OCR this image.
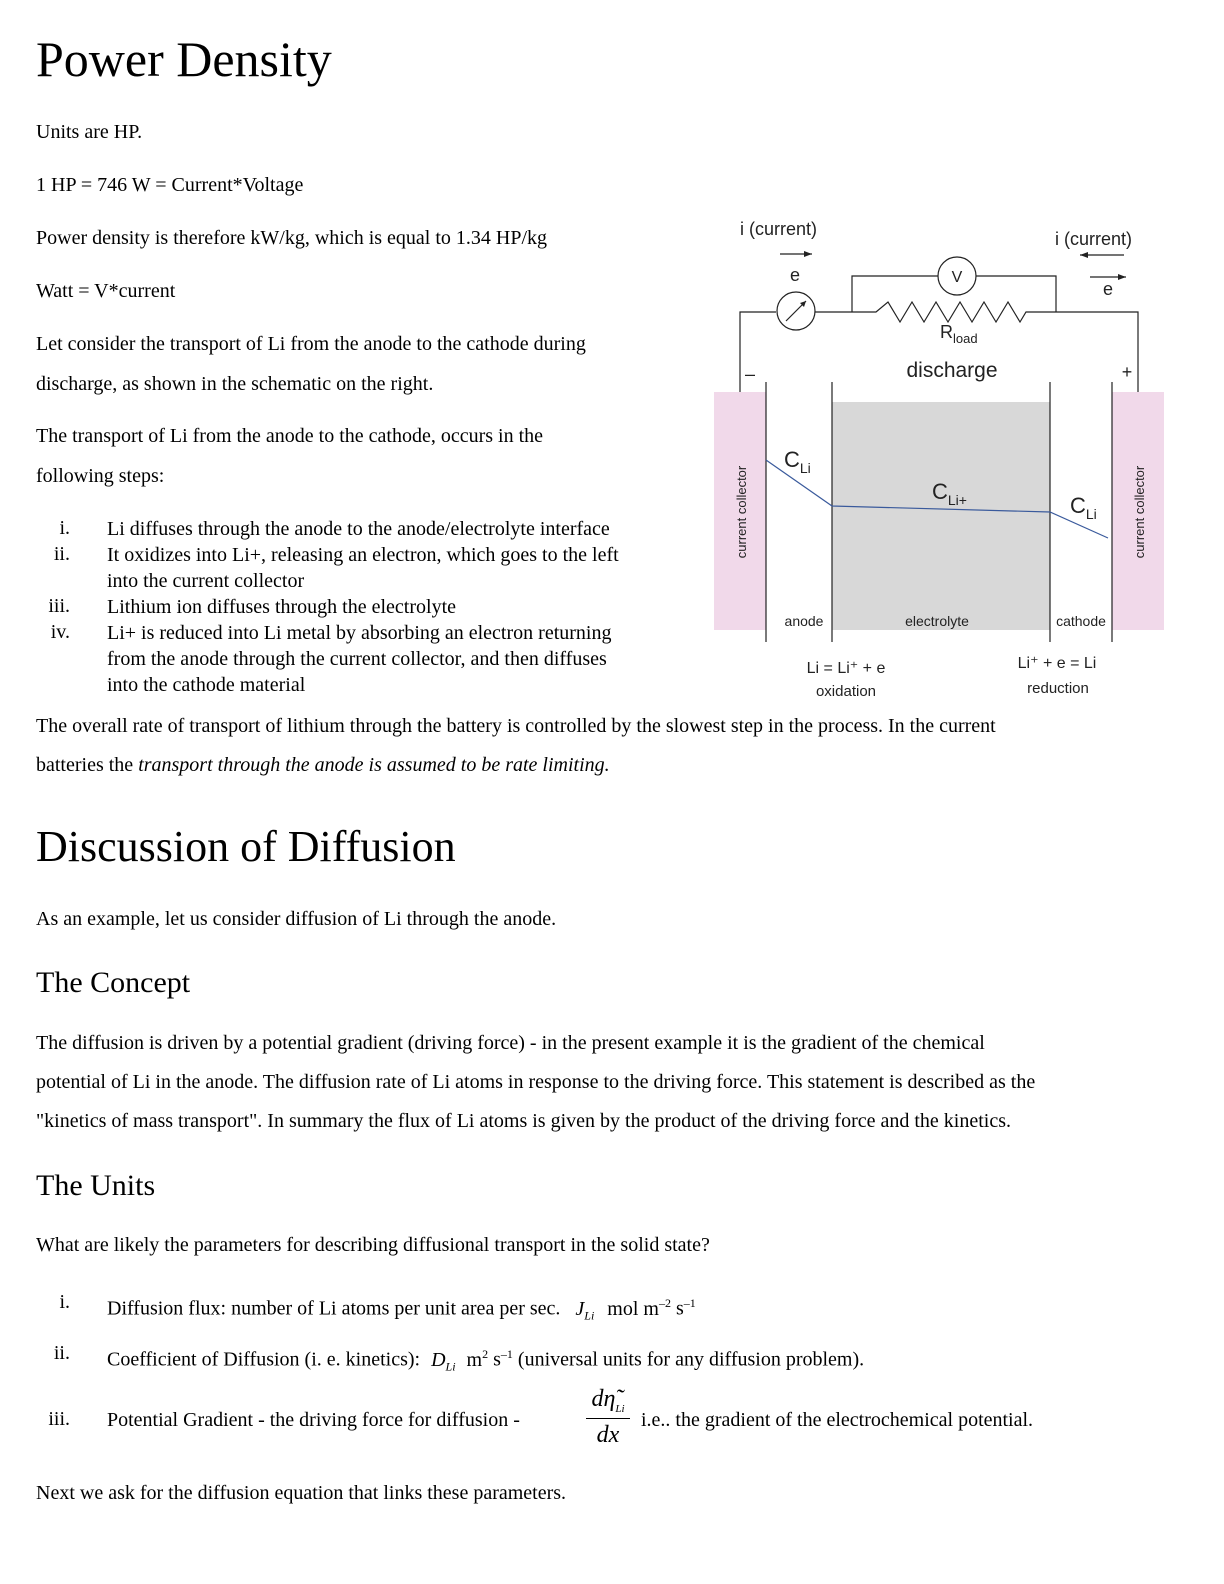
Power Density
Units are HP.
1 HP = 746 W = Current*Voltage
Power density is therefore kW/kg, which is equal to 1.34 HP/kg
Watt = V*current
Let consider the transport of Li from the anode to the cathode during
discharge, as shown in the schematic on the right.
The transport of Li from the anode to the cathode, occurs in the
following steps:
i. Li diffuses through the anode to the anode/electrolyte interface
ii. It oxidizes into Li+, releasing an electron, which goes to the left
into the current collector
iii. Lithium ion diffuses through the electrolyte
iv. Li+ is reduced into Li metal by absorbing an electron returning
from the anode through the current collector, and then diffuses
into the cathode material
The overall rate of transport of lithium through the battery is controlled by the slowest step in the process. In the current
batteries the transport through the anode is assumed to be rate limiting.
V
i (current)	i (current)
e
e
$R_{load}$
discharge
–	+
current collector	current collector
$C_{Li}$
$C_{Li+}$	$C_{Li}$
anode	electrolyte	cathode
Li = Li⁺ + e
oxidation
Li⁺ + e = Li
reduction
Discussion of Diffusion
As an example, let us consider diffusion of Li through the anode.
The Concept
The diffusion is driven by a potential gradient (driving force) - in the present example it is the gradient of the chemical
potential of Li in the anode. The diffusion rate of Li atoms in response to the driving force. This statement is described as the
"kinetics of mass transport". In summary the flux of Li atoms is given by the product of the driving force and the kinetics.
The Units
What are likely the parameters for describing diffusional transport in the solid state?
i. Diffusion flux: number of Li atoms per unit area per sec. $J_{Li}$ mol $m^{-2}$ $s^{-1}$
ii. Coefficient of Diffusion (i. e. kinetics): $D_{Li}$ $m^2$ $s^{-1}$ (universal units for any diffusion problem).
iii. Potential Gradient - the driving force for diffusion -
$d\etã_{Li}$
dx
i.e.. the gradient of the electrochemical potential.
Next we ask for the diffusion equation that links these parameters.
